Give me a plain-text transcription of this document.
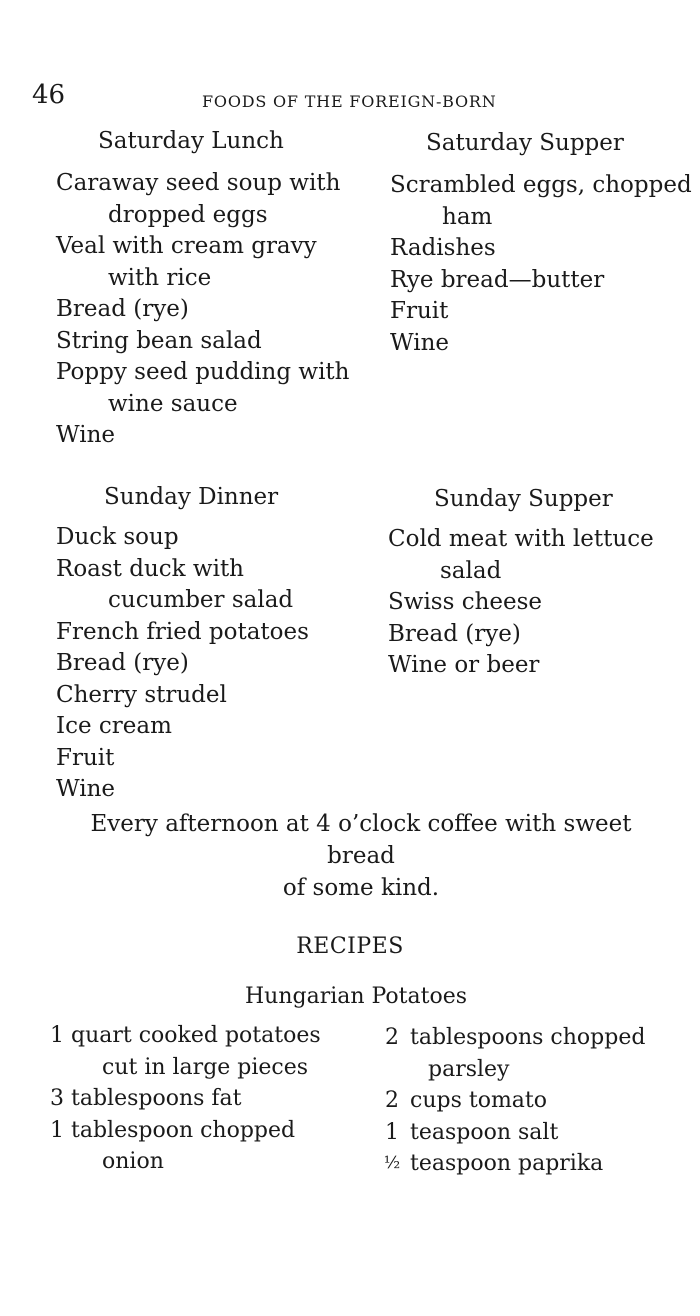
46	FOODS OF THE FOREIGN-BORN
Saturday Lunch
Caraway seed soup with
dropped eggs
Veal with cream gravy
with rice
Bread (rye)
String bean salad
Poppy seed pudding with
wine sauce
Wine
Saturday Supper
Scrambled eggs, chopped
ham
Radishes
Rye bread—butter
Fruit
Wine
Sunday Dinner
Duck soup
Roast duck with
cucumber salad
French fried potatoes
Bread (rye)
Cherry strudel
Ice cream
Fruit
Wine
Sunday Supper
Cold meat with lettuce
salad
Swiss cheese
Bread (rye)
Wine or beer
Every afternoon at 4 o’clock coffee with sweet bread
of some kind.
RECIPES
Hungarian Potatoes
1 quart cooked potatoes
cut in large pieces
3 tablespoons fat
1 tablespoon chopped
onion
2 tablespoons chopped
parsley
2 cups tomato
1 teaspoon salt
½ teaspoon paprika
